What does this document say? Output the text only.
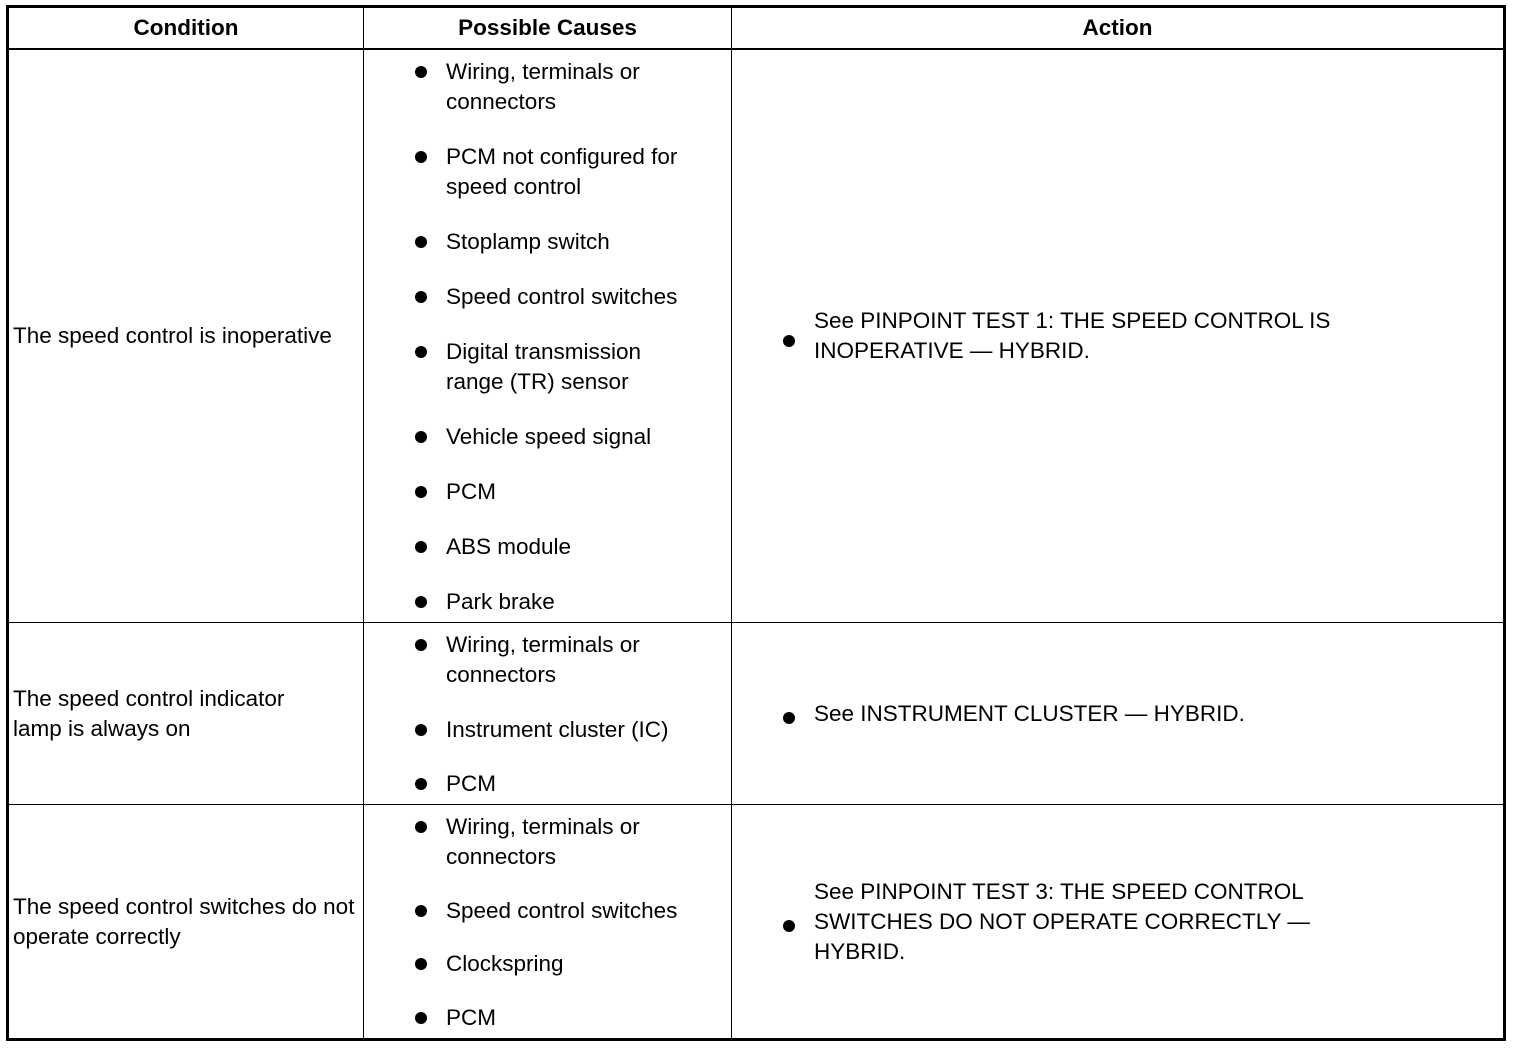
Condition	Possible Causes	Action
The speed control is inoperative
Wiring, terminals or connectors
PCM not configured for speed control
Stoplamp switch
Speed control switches
Digital transmission range (TR) sensor
Vehicle speed signal
PCM
ABS module
Park brake
See PINPOINT TEST 1: THE SPEED CONTROL IS INOPERATIVE — HYBRID.
The speed control indicator lamp is always on
Wiring, terminals or connectors
Instrument cluster (IC)
PCM
See INSTRUMENT CLUSTER — HYBRID.
The speed control switches do not operate correctly
Wiring, terminals or connectors
Speed control switches
Clockspring
PCM
See PINPOINT TEST 3: THE SPEED CONTROL SWITCHES DO NOT OPERATE CORRECTLY — HYBRID.
